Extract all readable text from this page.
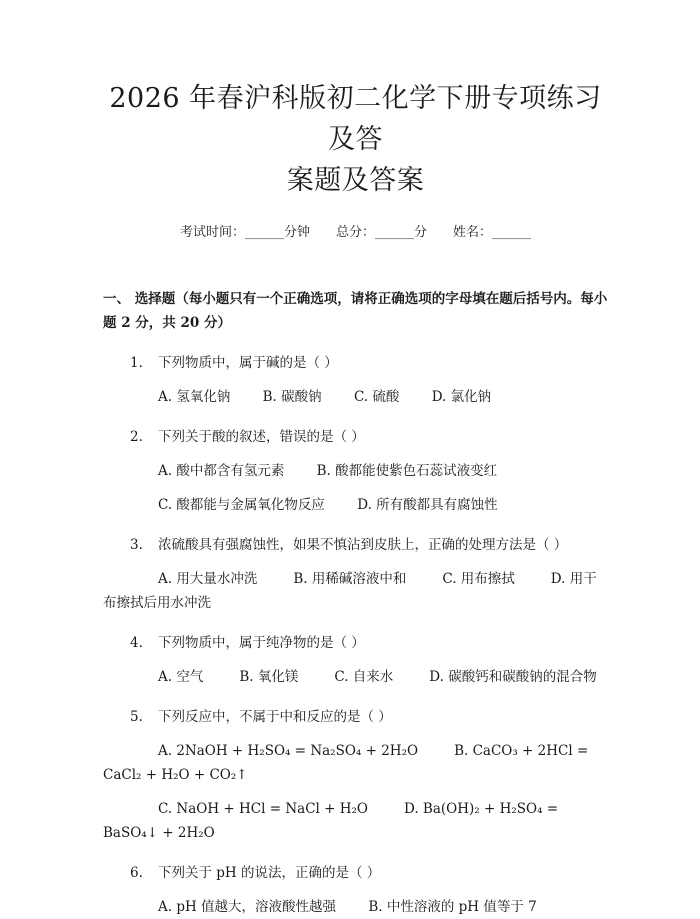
2026 年春沪科版初二化学下册专项练习及答
案题及答案
考试时间：______分钟 总分：______分 姓名：______
一、 选择题（每小题只有一个正确选项，请将正确选项的字母填在题后括号内。每小题 2 分，共 20 分）
1. 下列物质中，属于碱的是（ ）
A. 氢氧化钠 B. 碳酸钠 C. 硫酸 D. 氯化钠
2. 下列关于酸的叙述，错误的是（ ）
A. 酸中都含有氢元素 B. 酸都能使紫色石蕊试液变红
C. 酸都能与金属氧化物反应 D. 所有酸都具有腐蚀性
3. 浓硫酸具有强腐蚀性，如果不慎沾到皮肤上，正确的处理方法是（ ）
A. 用大量水冲洗	B. 用稀碱溶液中和	C. 用布擦拭	D. 用干布擦拭后用水冲洗
4. 下列物质中，属于纯净物的是（ ）
A. 空气	B. 氧化镁	C. 自来水	D. 碳酸钙和碳酸钠的混合物
5. 下列反应中，不属于中和反应的是（ ）
A. 2NaOH + H₂SO₄ = Na₂SO₄ + 2H₂O	B. CaCO₃ + 2HCl = CaCl₂ + H₂O + CO₂↑
C. NaOH + HCl = NaCl + H₂O	D. Ba(OH)₂ + H₂SO₄ = BaSO₄↓ + 2H₂O
6. 下列关于 pH 的说法，正确的是（ ）
A. pH 值越大，溶液酸性越强 B. 中性溶液的 pH 值等于 7
